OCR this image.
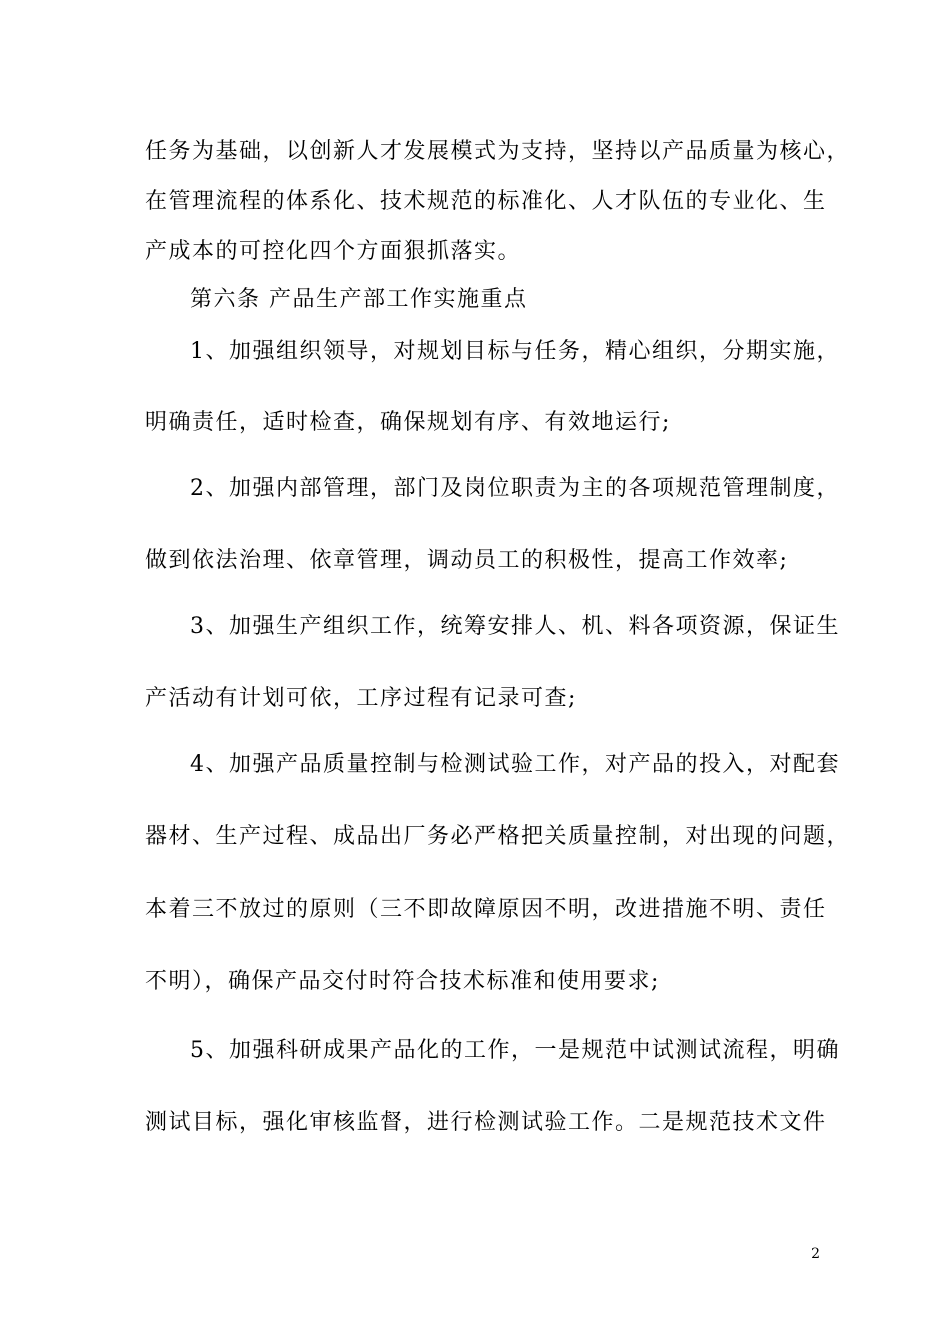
任务为基础，以创新人才发展模式为支持，坚持以产品质量为核心，
在管理流程的体系化、技术规范的标准化、人才队伍的专业化、生
产成本的可控化四个方面狠抓落实。
第六条 产品生产部工作实施重点
1、加强组织领导，对规划目标与任务，精心组织，分期实施，
明确责任，适时检查，确保规划有序、有效地运行;
2、加强内部管理，部门及岗位职责为主的各项规范管理制度，
做到依法治理、依章管理，调动员工的积极性，提高工作效率;
3、加强生产组织工作，统筹安排人、机、料各项资源，保证生
产活动有计划可依，工序过程有记录可查;
4、加强产品质量控制与检测试验工作，对产品的投入，对配套
器材、生产过程、成品出厂务必严格把关质量控制，对出现的问题，
本着三不放过的原则（三不即故障原因不明，改进措施不明、责任
不明），确保产品交付时符合技术标准和使用要求;
5、加强科研成果产品化的工作，一是规范中试测试流程，明确
测试目标，强化审核监督，进行检测试验工作。二是规范技术文件
2
